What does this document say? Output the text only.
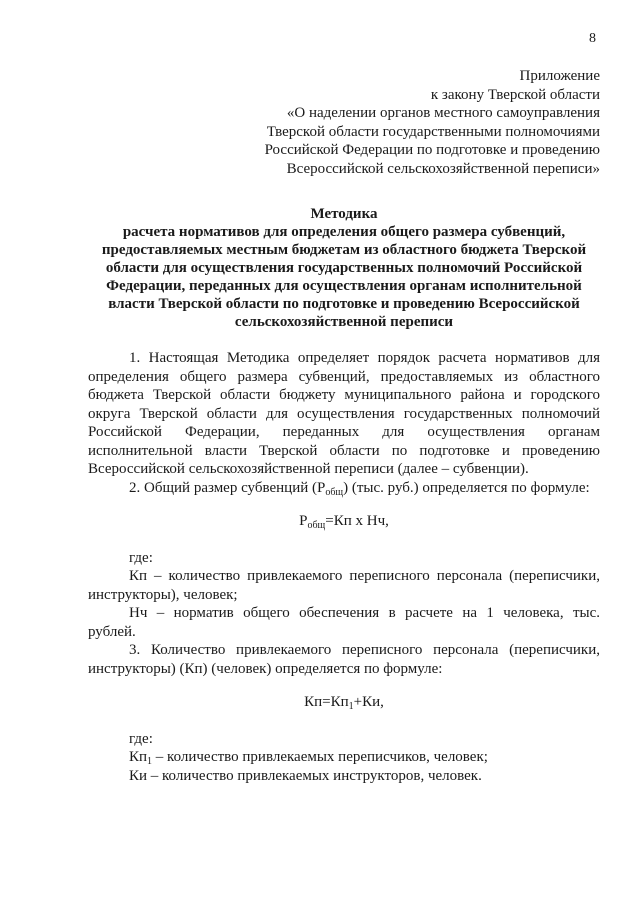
8
Приложение
к закону Тверской области
«О наделении органов местного самоуправления
Тверской области государственными полномочиями
Российской Федерации по подготовке и проведению
Всероссийской сельскохозяйственной переписи»
Методика
расчета нормативов для определения общего размера субвенций,
предоставляемых местным бюджетам из областного бюджета Тверской
области для осуществления государственных полномочий Российской
Федерации, переданных для осуществления органам исполнительной
власти Тверской области по подготовке и проведению Всероссийской
сельскохозяйственной переписи
1. Настоящая Методика определяет порядок расчета нормативов для
определения общего размера субвенций, предоставляемых из областного
бюджета Тверской области бюджету муниципального района и городского
округа Тверской области для осуществления государственных полномочий
Российской Федерации, переданных для осуществления органам
исполнительной власти Тверской области по подготовке и проведению
Всероссийской сельскохозяйственной переписи (далее – субвенции).
2. Общий размер субвенций $(Р_{общ})$ (тыс. руб.) определяется по формуле:
$Р_{общ}=Кп$ х Нч,
где:
Кп – количество привлекаемого переписного персонала (переписчики,
инструкторы), человек;
Нч – норматив общего обеспечения в расчете на 1 человека, тыс.
рублей.
3. Количество привлекаемого переписного персонала (переписчики,
инструкторы) (Кп) (человек) определяется по формуле:
$Кп=Кп_1+Ки$,
где:
$Кп_1$ – количество привлекаемых переписчиков, человек;
Ки – количество привлекаемых инструкторов, человек.
